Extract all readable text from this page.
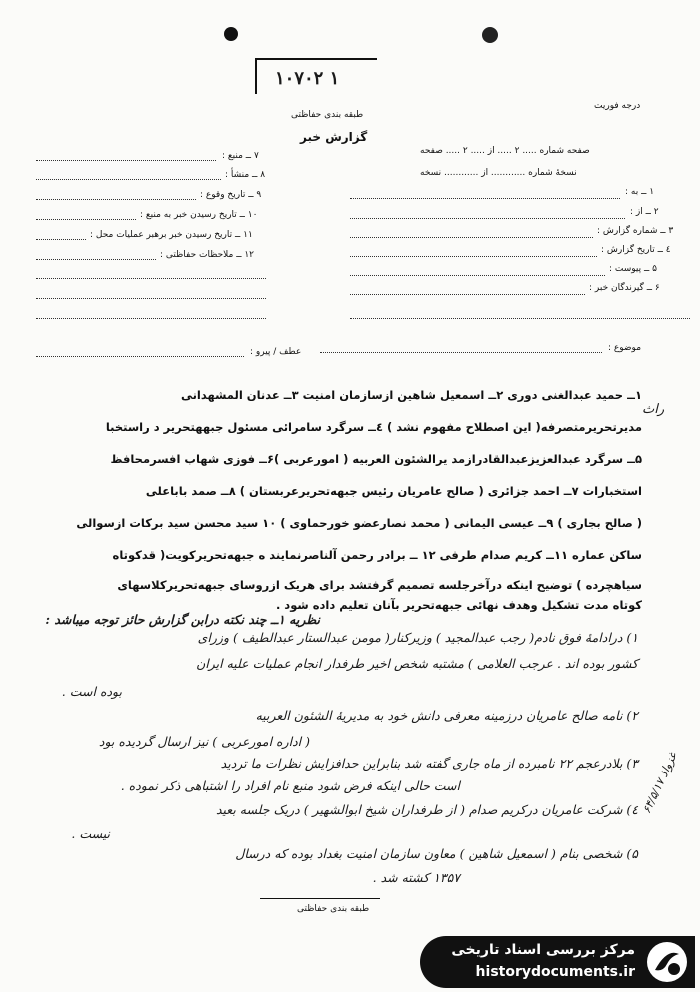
۱۰۷۰۲ ۱
طبقه بندی حفاظتی
درجه فوریت
گزارش خبر
صفحه شماره ..... ۲ ..... از ..... ۲ ..... صفحه
نسخهٔ شماره ............ از ............ نسخه
۱ ــ به :
۲ ــ از :
۳ ــ شماره گزارش :
٤ ــ تاریخ گزارش :
۵ ــ پیوست :
۶ ــ گیرندگان خبر :
۷ ــ منبع :
۸ ــ منشأ :
۹ ــ تاریخ وقوع :
۱۰ ــ تاریخ رسیدن خبر به منبع :
۱۱ ــ تاریخ رسیدن خبر برهبر عملیات محل :
۱۲ ــ ملاحظات حفاظتی :
موضوع :
عطف / پیرو :
راث
۱ــ حمید عبدالغنی دوری ۲ــ اسمعیل شاهین ازسازمان امنیت ۳ــ عدنان المشهدانی
مدیرتحریرمتصرفه( این اصطلاح مفهوم نشد ) ٤ــ سرگرد سامرائی مسئول جبههتحریر د راستخبا
۵ــ سرگرد عبدالعزیزعبدالقادرازمد یرالشئون العربیه ( امورعربی )۶ــ فوزی شهاب افسرمحافظ
استخبارات ۷ــ احمد جزائری ( صالح عامریان رئیس جبهه‌تحریرعربستان ) ۸ــ صمد باباعلی
( صالح بجاری ) ۹ــ عیسی الیمانی ( محمد نصارعضو خورحماوی ) ۱۰ سید محسن سید برکات ازسوالی
ساکن عماره ۱۱ــ کریم صدام طرفی ۱۲ ــ برادر رحمن آلناصرنمایند ه جبهه‌تحریرکویت( قدکوتاه
سیاهچرده ) توضیح اینکه درآخرجلسه تصمیم گرفتشد برای هریک ازروسای جبهه‌تحریرکلاسهای
کوتاه مدت تشکیل وهدف نهائی جبهه‌تحریر بآنان تعلیم داده شود .
نظریه ۱ــ چند نکته درابن گزارش حائز توجه میباشد :
۱) درادامهٔ فوق نادم( رجب عبدالمجید ) وزیرکنار( مومن عبدالستار عبدالطیف ) وزرای
کشور بوده اند . عرجب العلامی ) مشتبه شخص اخیر طرفدار انجام عملیات علیه ایران
بوده است .
۲) نامه صالح عامریان درزمینه معرفی دانش خود به مدیریهٔ الشئون العربیه
( اداره امورعربی ) نیز ارسال گردیده بود
۳) بلادرعجم ۲۲ نامبرده از ماه جاری گفته شد بنابراین حدافزایش نظرات ما تردید
است حالی اینکه فرض شود منبع نام افراد را اشتباهی ذکر نموده .
٤) شرکت عامریان درکریم صدام ( از طرفداران شیخ ابوالشهیر ) دریک جلسه بعید
نیست .
۵) شخصی بنام ( اسمعیل شاهین ) معاون سازمان امنیت بغداد بوده که درسال
۱۳۵۷ کشته شد .
۶۴/۵/۱۷ غزواذ
طبقه بندی حفاظتی
مرکز بررسی اسناد تاریخی
historydocuments.ir
